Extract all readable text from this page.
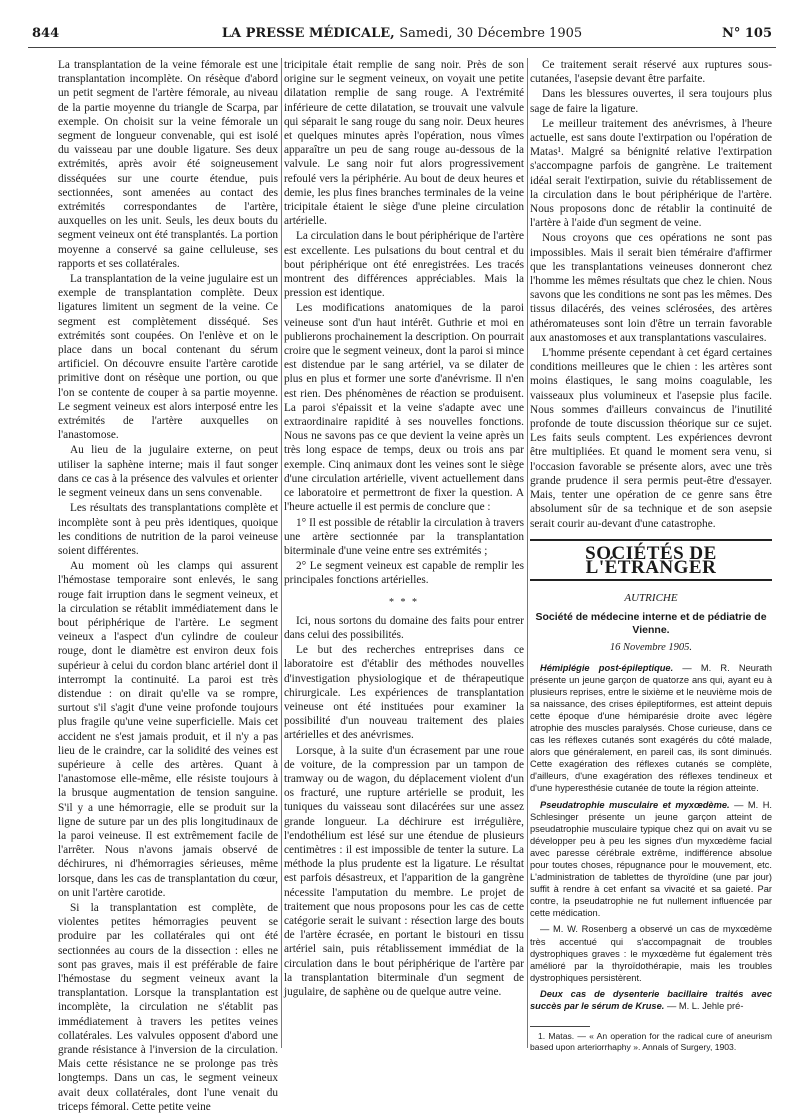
844	LA PRESSE MÉDICALE, Samedi, 30 Décembre 1905	N° 105

La transplantation de la veine fémorale est une transplantation incomplète. On résèque d'abord un petit segment de l'artère fémorale, au niveau de la partie moyenne du triangle de Scarpa, par exemple. On choisit sur la veine fémorale un segment de longueur convenable, qui est isolé du vaisseau par une double ligature. Ses deux extrémités, après avoir été soigneusement disséquées sur une courte étendue, puis sectionnées, sont amenées au contact des extrémités correspondantes de l'artère, auxquelles on les unit. Seuls, les deux bouts du segment veineux ont été transplantés. La portion moyenne a conservé sa gaine celluleuse, ses rapports et ses collatérales.

La transplantation de la veine jugulaire est un exemple de transplantation complète. Deux ligatures limitent un segment de la veine. Ce segment est complètement disséqué. Ses extrémités sont coupées. On l'enlève et on le place dans un bocal contenant du sérum artificiel. On découvre ensuite l'artère carotide primitive dont on résèque une portion, ou que l'on se contente de couper à sa partie moyenne. Le segment veineux est alors interposé entre les extrémités de l'artère auxquelles on l'anastomose.

Au lieu de la jugulaire externe, on peut utiliser la saphène interne; mais il faut songer dans ce cas à la présence des valvules et orienter le segment veineux dans un sens convenable.

Les résultats des transplantations complète et incomplète sont à peu près identiques, quoique les conditions de nutrition de la paroi veineuse soient différentes.

Au moment où les clamps qui assurent l'hémostase temporaire sont enlevés, le sang rouge fait irruption dans le segment veineux, et la circulation se rétablit immédiatement dans le bout périphérique de l'artère. Le segment veineux a l'aspect d'un cylindre de couleur rouge, dont le diamètre est environ deux fois supérieur à celui du cordon blanc artériel dont il interrompt la continuité. La paroi est très distendue : on dirait qu'elle va se rompre, surtout s'il s'agit d'une veine profonde toujours plus fragile qu'une veine superficielle. Mais cet accident ne s'est jamais produit, et il n'y a pas lieu de le craindre, car la solidité des veines est supérieure à celle des artères. Quant à l'anastomose elle-même, elle résiste toujours à la brusque augmentation de tension sanguine. S'il y a une hémorragie, elle se produit sur la ligne de suture par un des plis longitudinaux de la paroi veineuse. Il est extrêmement facile de l'arrêter. Nous n'avons jamais observé de déchirures, ni d'hémorragies sérieuses, même lorsque, dans les cas de transplantation du cœur, on unit l'artère carotide.

Si la transplantation est complète, de violentes petites hémorragies peuvent se produire par les collatérales qui ont été sectionnées au cours de la dissection : elles ne sont pas graves, mais il est préférable de faire l'hémostase du segment veineux avant la transplantation. Lorsque la transplantation est incomplète, la circulation ne s'établit pas immédiatement à travers les petites veines collatérales. Les valvules opposent d'abord une grande résistance à l'inversion de la circulation. Mais cette résistance ne se prolonge pas très longtemps. Dans un cas, le segment veineux avait deux collatérales, dont l'une venait du triceps fémoral. Cette petite veine

tricipitale était remplie de sang noir. Près de son origine sur le segment veineux, on voyait une petite dilatation remplie de sang rouge. A l'extrémité inférieure de cette dilatation, se trouvait une valvule qui séparait le sang rouge du sang noir. Deux heures et quelques minutes après l'opération, nous vîmes apparaître un peu de sang rouge au-dessous de la valvule. Le sang noir fut alors progressivement refoulé vers la périphérie. Au bout de deux heures et demie, les plus fines branches terminales de la veine tricipitale étaient le siège d'une pleine circulation artérielle.

La circulation dans le bout périphérique de l'artère est excellente. Les pulsations du bout central et du bout périphérique ont été enregistrées. Les tracés montrent des différences appréciables. Mais la pression est identique.

Les modifications anatomiques de la paroi veineuse sont d'un haut intérêt. Guthrie et moi en publierons prochainement la description. On pourrait croire que le segment veineux, dont la paroi si mince est distendue par le sang artériel, va se dilater de plus en plus et former une sorte d'anévrisme. Il n'en est rien. Des phénomènes de réaction se produisent. La paroi s'épaissit et la veine s'adapte avec une extraordinaire rapidité à ses nouvelles fonctions. Nous ne savons pas ce que devient la veine après un très long espace de temps, deux ou trois ans par exemple. Cinq animaux dont les veines sont le siège d'une circulation artérielle, vivent actuellement dans ce laboratoire et permettront de fixer la question. A l'heure actuelle il est permis de conclure que :

1° Il est possible de rétablir la circulation à travers une artère sectionnée par la transplantation biterminale d'une veine entre ses extrémités ;

2° Le segment veineux est capable de remplir les principales fonctions artérielles.

* * *

Ici, nous sortons du domaine des faits pour entrer dans celui des possibilités.

Le but des recherches entreprises dans ce laboratoire est d'établir des méthodes nouvelles d'investigation physiologique et de thérapeutique chirurgicale. Les expériences de transplantation veineuse ont été instituées pour examiner la possibilité d'un nouveau traitement des plaies artérielles et des anévrismes.

Lorsque, à la suite d'un écrasement par une roue de voiture, de la compression par un tampon de tramway ou de wagon, du déplacement violent d'un os fracturé, une rupture artérielle se produit, les tuniques du vaisseau sont dilacérées sur une assez grande longueur. La déchirure est irrégulière, l'endothélium est lésé sur une étendue de plusieurs centimètres : il est impossible de tenter la suture. La méthode la plus prudente est la ligature. Le résultat est parfois désastreux, et l'apparition de la gangrène nécessite l'amputation du membre. Le projet de traitement que nous proposons pour les cas de cette catégorie serait le suivant : résection large des bouts de l'artère écrasée, en portant le bistouri en tissu artériel sain, puis rétablissement immédiat de la circulation dans le bout périphérique de l'artère par la transplantation biterminale d'un segment de jugulaire, de saphène ou de quelque autre veine.

Ce traitement serait réservé aux ruptures sous-cutanées, l'asepsie devant être parfaite.

Dans les blessures ouvertes, il sera toujours plus sage de faire la ligature.

Le meilleur traitement des anévrismes, à l'heure actuelle, est sans doute l'extirpation ou l'opération de Matas¹. Malgré sa bénignité relative l'extirpation s'accompagne parfois de gangrène. Le traitement idéal serait l'extirpation, suivie du rétablissement de la circulation dans le bout périphérique de l'artère. Nous proposons donc de rétablir la continuité de l'artère à l'aide d'un segment de veine.

Nous croyons que ces opérations ne sont pas impossibles. Mais il serait bien téméraire d'affirmer que les transplantations veineuses donneront chez l'homme les mêmes résultats que chez le chien. Nous savons que les conditions ne sont pas les mêmes. Des tissus dilacérés, des veines sclérosées, des artères athéromateuses sont loin d'être un terrain favorable aux anastomoses et aux transplantations vasculaires.

L'homme présente cependant à cet égard certaines conditions meilleures que le chien : les artères sont moins élastiques, le sang moins coagulable, les vaisseaux plus volumineux et l'asepsie plus facile. Nous sommes d'ailleurs convaincus de l'inutilité profonde de toute discussion théorique sur ce sujet. Les faits seuls comptent. Les expériences devront être multipliées. Et quand le moment sera venu, si l'occasion favorable se présente alors, avec une très grande prudence il sera permis peut-être d'essayer. Mais, tenter une opération de ce genre sans être absolument sûr de sa technique et de son asepsie serait courir au-devant d'une catastrophe.

SOCIÉTÉS DE L'ÉTRANGER
AUTRICHE
Société de médecine interne et de pédiatrie de Vienne.
16 Novembre 1905.

Hémiplégie post-épileptique. — M. R. Neurath présente un jeune garçon de quatorze ans qui, ayant eu à plusieurs reprises, entre le sixième et le neuvième mois de sa naissance, des crises épileptiformes, est atteint depuis cette époque d'une hémiparésie droite avec légère atrophie des muscles paralysés. Chose curieuse, dans ce cas les réflexes cutanés sont exagérés du côté malade, alors que généralement, en pareil cas, ils sont diminués. Cette exagération des réflexes cutanés se complète, d'ailleurs, d'une exagération des réflexes tendineux et d'une hyperesthésie cutanée de toute la région atteinte.

Pseudatrophie musculaire et myxœdème. — M. H. Schlesinger présente un jeune garçon atteint de pseudatrophie musculaire typique chez qui on avait vu se développer peu à peu les signes d'un myxœdème facial avec paresse cérébrale extrême, indifférence absolue pour toutes choses, répugnance pour le mouvement, etc. L'administration de tablettes de thyroïdine (une par jour) suffit à rendre à cet enfant sa vivacité et sa gaieté. Par contre, la pseudatrophie ne fut nullement influencée par cette médication.

— M. W. Rosenberg a observé un cas de myxœdème très accentué qui s'accompagnait de troubles dystrophiques graves : le myxœdème fut également très amélioré par la thyroïdothérapie, mais les troubles dystrophiques persistèrent.

Deux cas de dysenterie bacillaire traités avec succès par le sérum de Kruse. — M. L. Jehle pré-

1. Matas. — « An operation for the radical cure of aneurism based upon arteriorrhaphy ». Annals of Surgery, 1903.
